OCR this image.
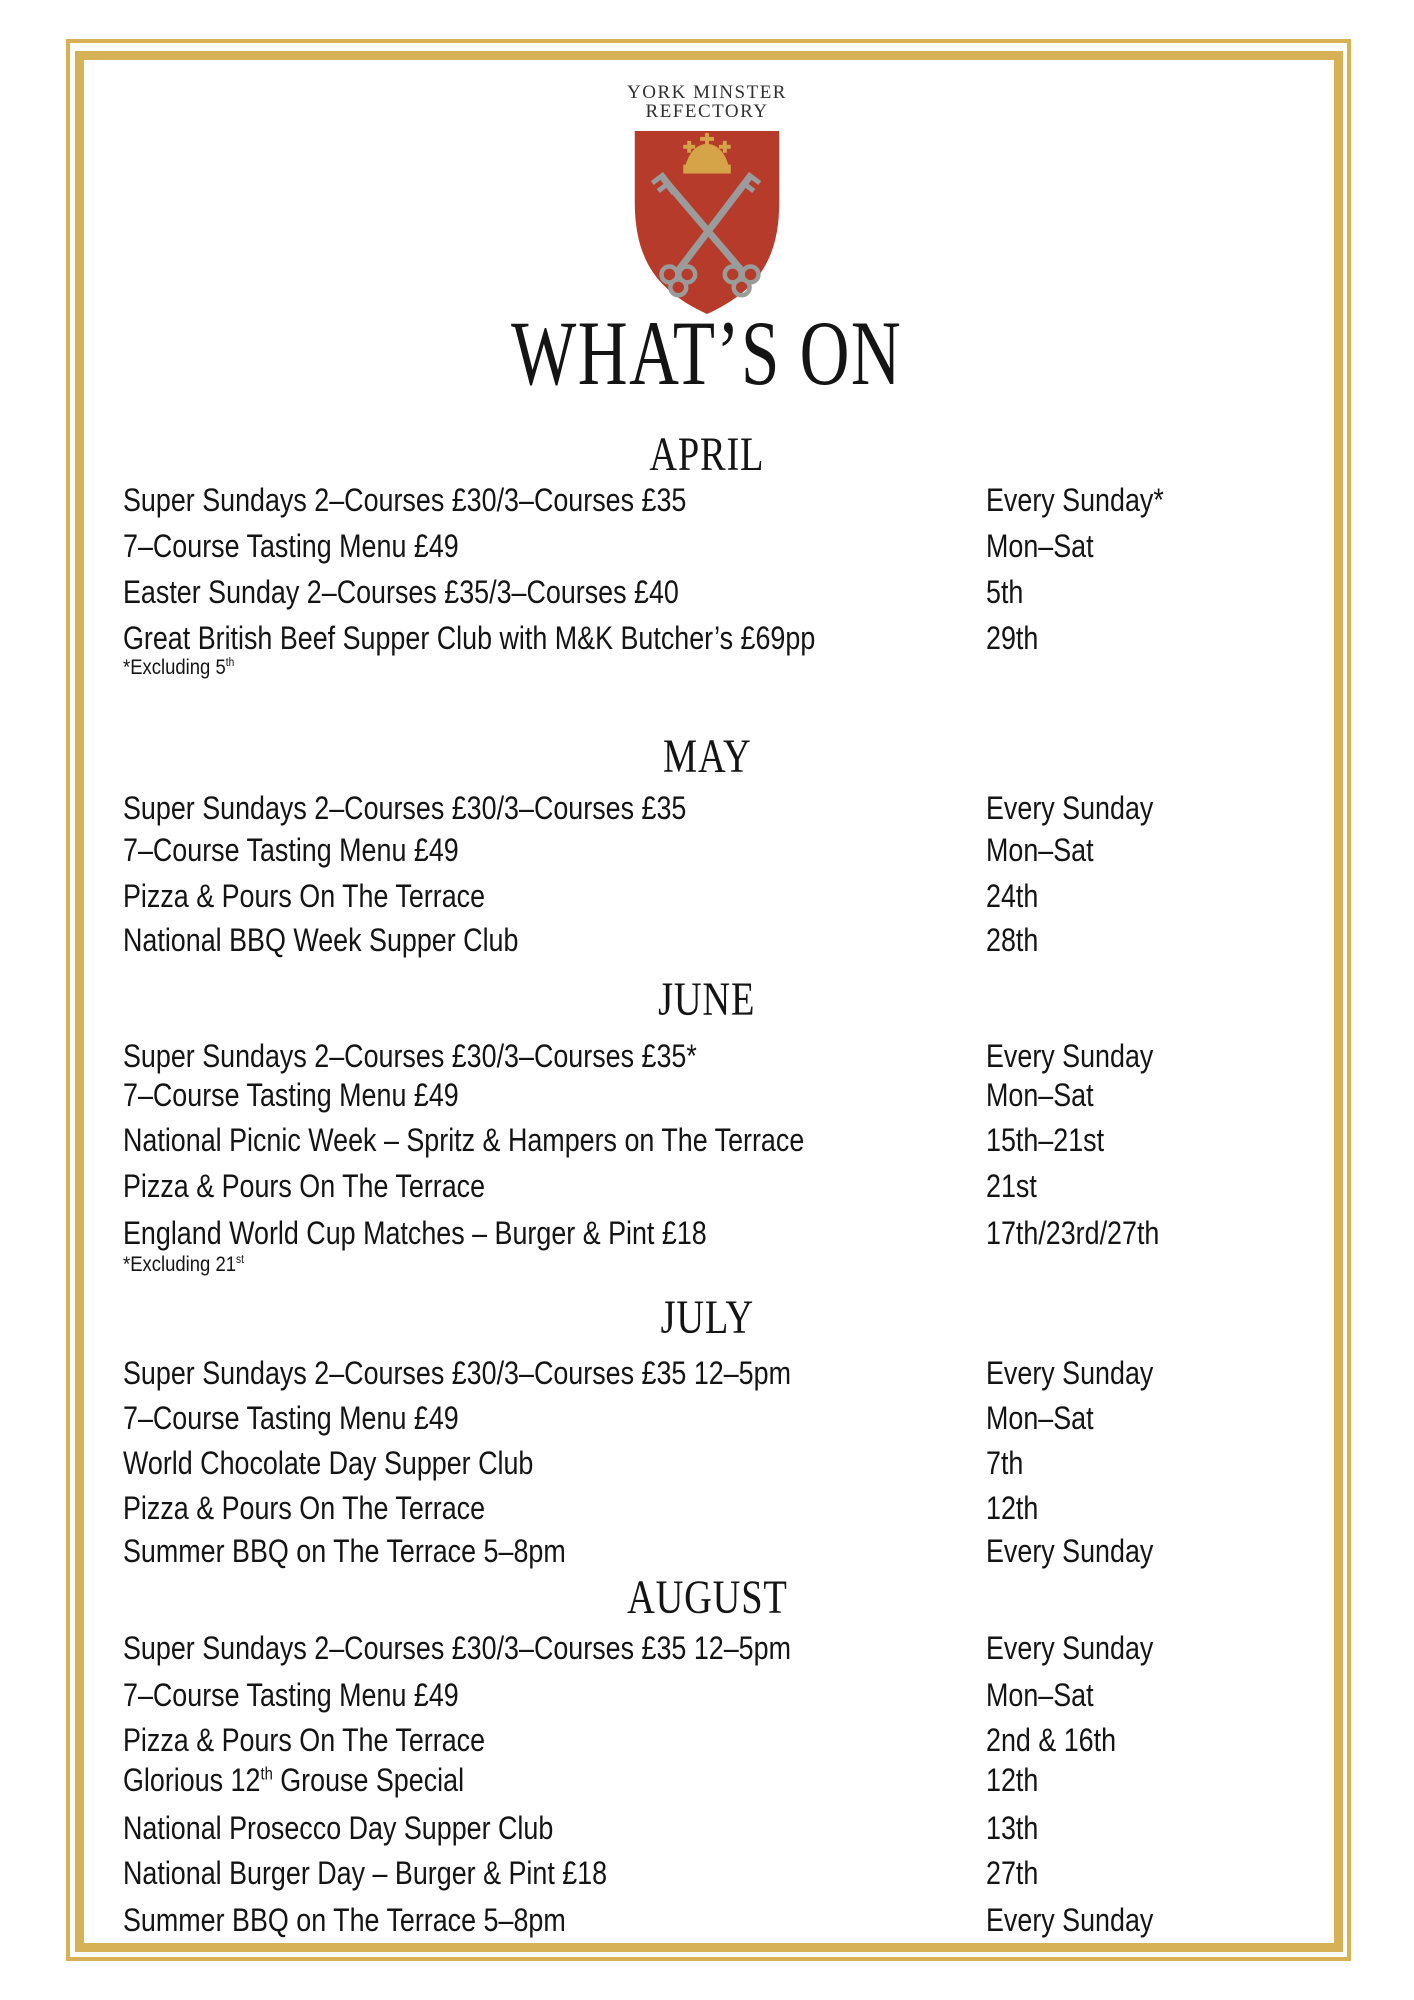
YORK MINSTER
REFECTORY
WHAT’S ON
APRIL
Super Sundays 2–Courses £30/3–Courses £35	Every Sunday*
7–Course Tasting Menu £49	Mon–Sat
Easter Sunday 2–Courses £35/3–Courses £40	5th
Great British Beef Supper Club with M&K Butcher’s £69pp	29th
*Excluding 5th
MAY
Super Sundays 2–Courses £30/3–Courses £35	Every Sunday
7–Course Tasting Menu £49	Mon–Sat
Pizza & Pours On The Terrace	24th
National BBQ Week Supper Club	28th
JUNE
Super Sundays 2–Courses £30/3–Courses £35*	Every Sunday
7–Course Tasting Menu £49	Mon–Sat
National Picnic Week – Spritz & Hampers on The Terrace	15th–21st
Pizza & Pours On The Terrace	21st
England World Cup Matches – Burger & Pint £18	17th/23rd/27th
*Excluding 21st
JULY
Super Sundays 2–Courses £30/3–Courses £35 12–5pm	Every Sunday
7–Course Tasting Menu £49	Mon–Sat
World Chocolate Day Supper Club	7th
Pizza & Pours On The Terrace	12th
Summer BBQ on The Terrace 5–8pm	Every Sunday
AUGUST
Super Sundays 2–Courses £30/3–Courses £35 12–5pm	Every Sunday
7–Course Tasting Menu £49	Mon–Sat
Pizza & Pours On The Terrace	2nd & 16th
Glorious 12th Grouse Special	12th
National Prosecco Day Supper Club	13th
National Burger Day – Burger & Pint £18	27th
Summer BBQ on The Terrace 5–8pm	Every Sunday
